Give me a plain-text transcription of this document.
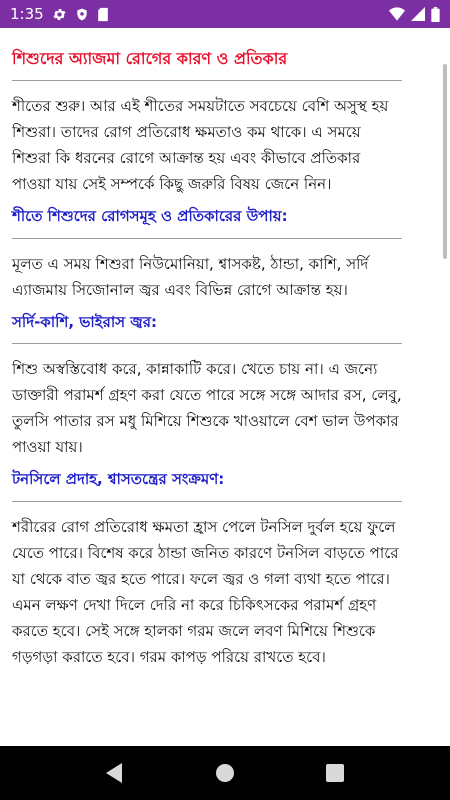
1:35
শিশুদের অ্যাজমা রোগের কারণ ও প্রতিকার

শীতের শুরু। আর এই শীতের সময়টাতে সবচেয়ে বেশি অসুস্থ হয় শিশুরা। তাদের রোগ প্রতিরোধ ক্ষমতাও কম থাকে। এ সময়ে শিশুরা কি ধরনের রোগে আক্রান্ত হয় এবং কীভাবে প্রতিকার পাওয়া যায় সেই সম্পর্কে কিছু জরুরি বিষয় জেনে নিন।

শীতে শিশুদের রোগসমূহ ও প্রতিকারের উপায়:

মূলত এ সময় শিশুরা নিউমোনিয়া, শ্বাসকষ্ট, ঠান্ডা, কাশি, সর্দি এ্যাজমায় সিজোনাল জ্বর এবং বিভিন্ন রোগে আক্রান্ত হয়।

সর্দি-কাশি, ভাইরাস জ্বর:

শিশু অস্বস্তিবোধ করে, কান্নাকাটি করে। খেতে চায় না। এ জন্যে ডাক্তারী পরামর্শ গ্রহণ করা যেতে পারে সঙ্গে সঙ্গে আদার রস, লেবু, তুলসি পাতার রস মধু মিশিয়ে শিশুকে খাওয়ালে বেশ ভাল উপকার পাওয়া যায়।

টনসিলে প্রদাহ, শ্বাসতন্ত্রের সংক্রমণ:

শরীরের রোগ প্রতিরোধ ক্ষমতা হ্রাস পেলে টনসিল দুর্বল হয়ে ফুলে যেতে পারে। বিশেষ করে ঠান্ডা জনিত কারণে টনসিল বাড়তে পারে যা থেকে বাত জ্বর হতে পারে। ফলে জ্বর ও গলা ব্যথা হতে পারে। এমন লক্ষণ দেখা দিলে দেরি না করে চিকিৎসকের পরামর্শ গ্রহণ করতে হবে। সেই সঙ্গে হালকা গরম জলে লবণ মিশিয়ে শিশুকে গড়গড়া করাতে হবে। গরম কাপড় পরিয়ে রাখতে হবে।
